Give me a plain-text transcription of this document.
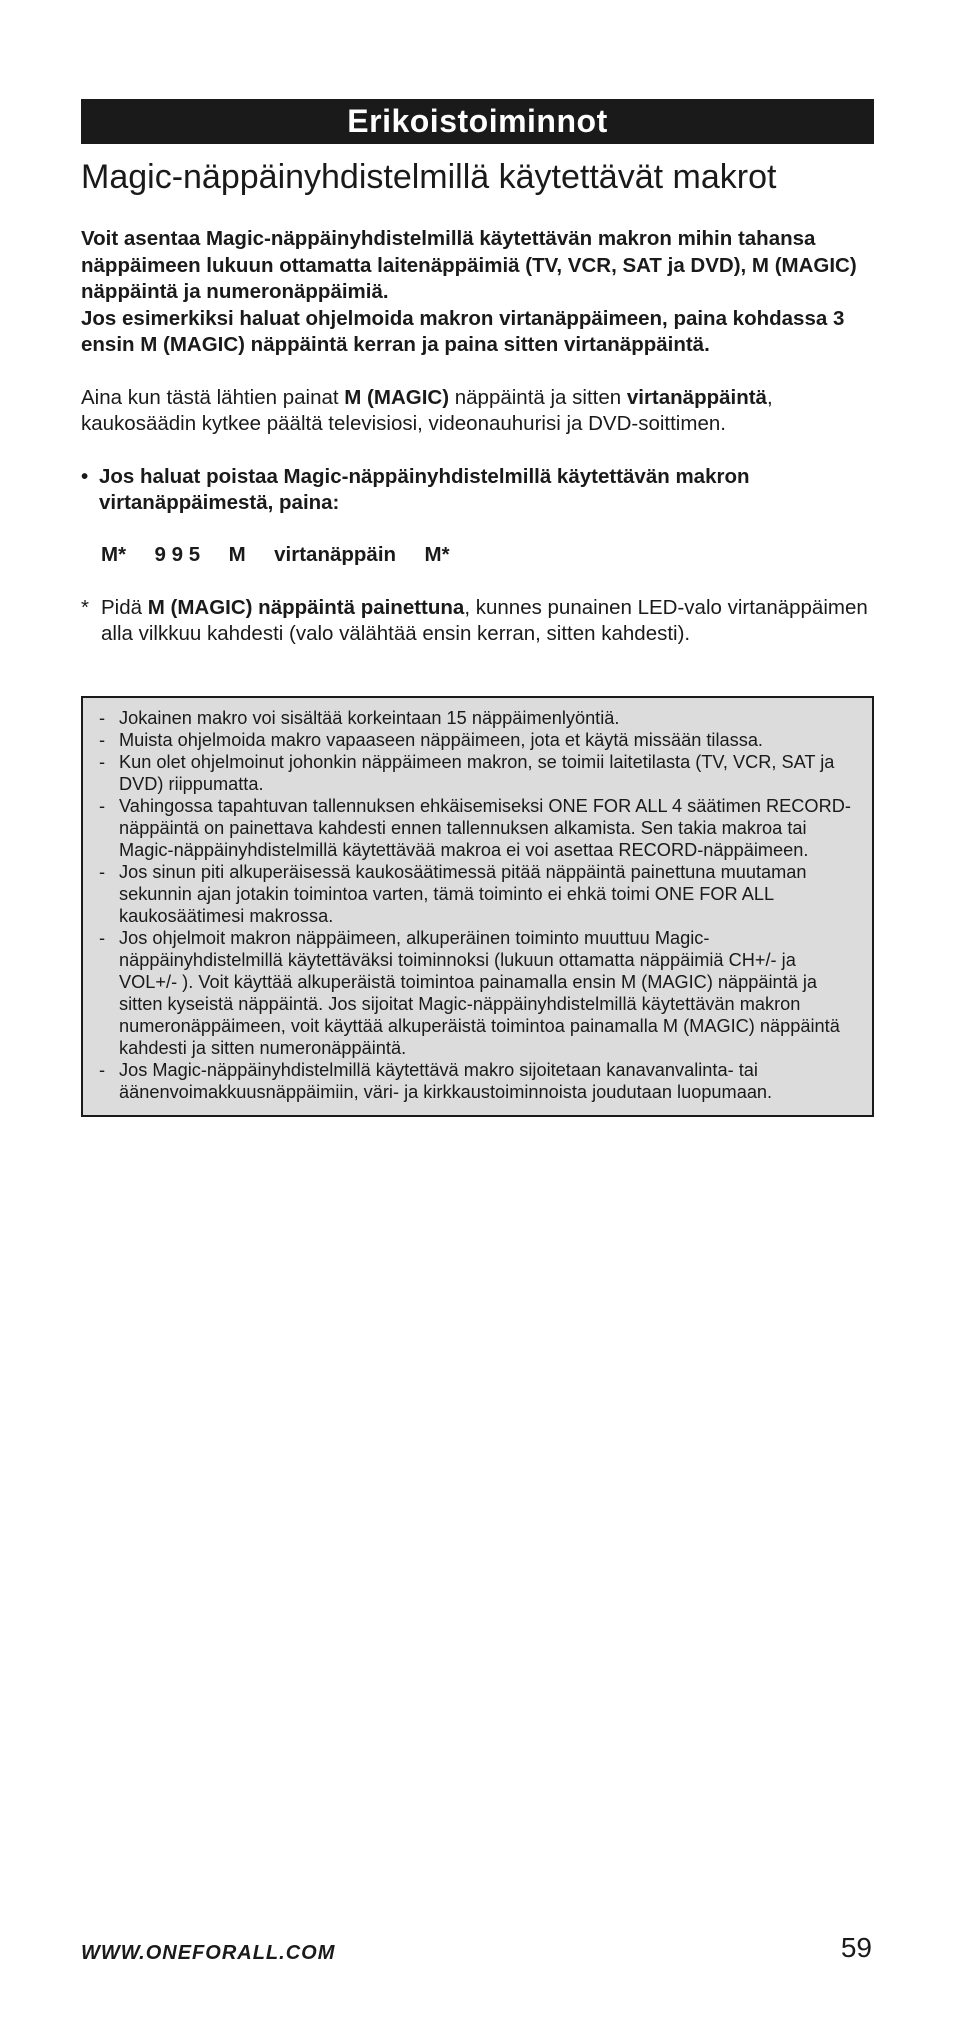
Erikoistoiminnot
Magic-näppäinyhdistelmillä käytettävät makrot
Voit asentaa Magic-näppäinyhdistelmillä käytettävän makron mihin tahansa näppäimeen lukuun ottamatta laitenäppäimiä (TV, VCR, SAT ja DVD), M (MAGIC) näppäintä ja numeronäppäimiä.
Jos esimerkiksi haluat ohjelmoida makron virtanäppäimeen, paina kohdassa 3 ensin M (MAGIC) näppäintä kerran ja paina sitten virtanäppäintä.
Aina kun tästä lähtien painat M (MAGIC) näppäintä ja sitten virtanäppäintä, kaukosäädin kytkee päältä televisiosi, videonauhurisi ja DVD-soittimen.
• Jos haluat poistaa Magic-näppäinyhdistelmillä käytettävän makron virtanäppäimestä, paina:
M*     9 9 5     M     virtanäppäin     M*
* Pidä M (MAGIC) näppäintä painettuna, kunnes punainen LED-valo virtanäppäimen alla vilkkuu kahdesti (valo välähtää ensin kerran, sitten kahdesti).
- Jokainen makro voi sisältää korkeintaan 15 näppäimenlyöntiä.
- Muista ohjelmoida makro vapaaseen näppäimeen, jota et käytä missään tilassa.
- Kun olet ohjelmoinut johonkin näppäimeen makron, se toimii laitetilasta (TV, VCR, SAT ja DVD) riippumatta.
- Vahingossa tapahtuvan tallennuksen ehkäisemiseksi ONE FOR ALL 4 säätimen RECORD-näppäintä on painettava kahdesti ennen tallennuksen alkamista. Sen takia makroa tai Magic-näppäinyhdistelmillä käytettävää makroa ei voi asettaa RECORD-näppäimeen.
- Jos sinun piti alkuperäisessä kaukosäätimessä pitää näppäintä painettuna muutaman sekunnin ajan jotakin toimintoa varten, tämä toiminto ei ehkä toimi ONE FOR ALL kaukosäätimesi makrossa.
- Jos ohjelmoit makron näppäimeen, alkuperäinen toiminto muuttuu Magic-näppäinyhdistelmillä käytettäväksi toiminnoksi (lukuun ottamatta näppäimiä CH+/- ja VOL+/- ). Voit käyttää alkuperäistä toimintoa painamalla ensin M (MAGIC) näppäintä ja sitten kyseistä näppäintä. Jos sijoitat Magic-näppäinyhdistelmillä käytettävän makron numeronäppäimeen, voit käyttää alkuperäistä toimintoa painamalla M (MAGIC) näppäintä kahdesti ja sitten numeronäppäintä.
- Jos Magic-näppäinyhdistelmillä käytettävä makro sijoitetaan kanavanvalinta- tai äänenvoimakkuusnäppäimiin, väri- ja kirkkaustoiminnoista joudutaan luopumaan.
WWW.ONEFORALL.COM	59
